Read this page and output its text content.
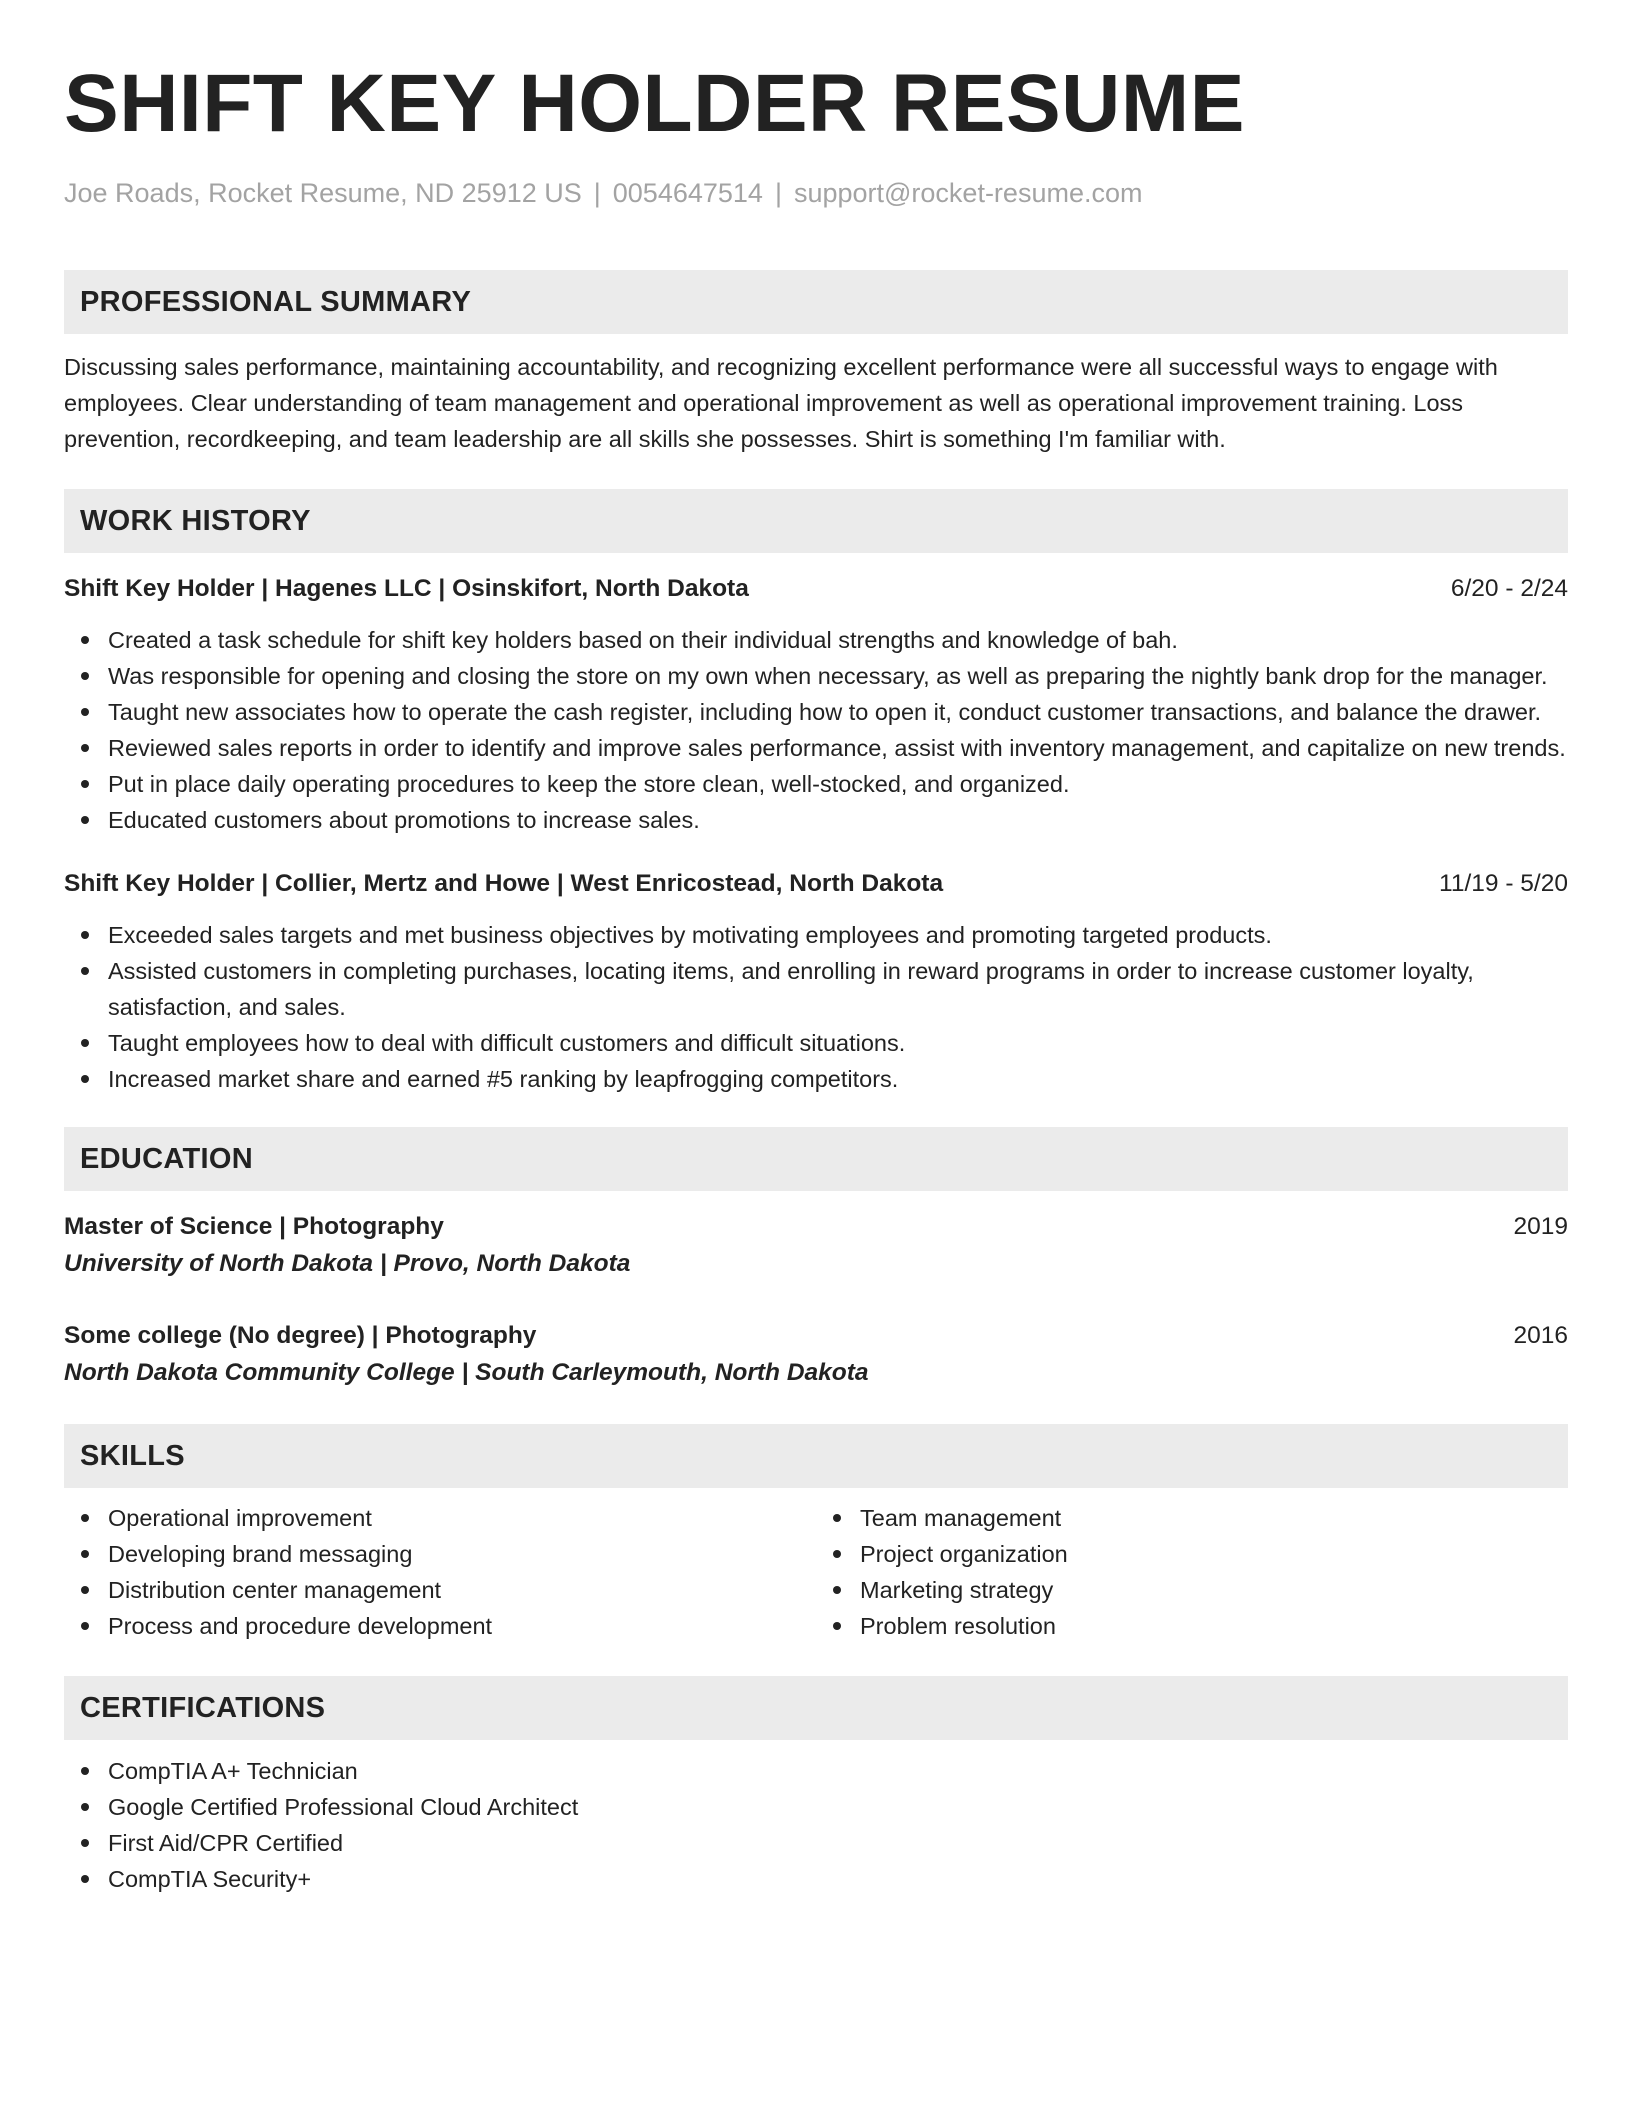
SHIFT KEY HOLDER RESUME
Joe Roads, Rocket Resume, ND 25912 US | 0054647514 | support@rocket-resume.com
PROFESSIONAL SUMMARY
Discussing sales performance, maintaining accountability, and recognizing excellent performance were all successful ways to engage with employees. Clear understanding of team management and operational improvement as well as operational improvement training. Loss prevention, recordkeeping, and team leadership are all skills she possesses. Shirt is something I'm familiar with.
WORK HISTORY
Shift Key Holder | Hagenes LLC | Osinskifort, North Dakota	6/20 - 2/24
Created a task schedule for shift key holders based on their individual strengths and knowledge of bah.
Was responsible for opening and closing the store on my own when necessary, as well as preparing the nightly bank drop for the manager.
Taught new associates how to operate the cash register, including how to open it, conduct customer transactions, and balance the drawer.
Reviewed sales reports in order to identify and improve sales performance, assist with inventory management, and capitalize on new trends.
Put in place daily operating procedures to keep the store clean, well-stocked, and organized.
Educated customers about promotions to increase sales.
Shift Key Holder | Collier, Mertz and Howe | West Enricostead, North Dakota	11/19 - 5/20
Exceeded sales targets and met business objectives by motivating employees and promoting targeted products.
Assisted customers in completing purchases, locating items, and enrolling in reward programs in order to increase customer loyalty, satisfaction, and sales.
Taught employees how to deal with difficult customers and difficult situations.
Increased market share and earned #5 ranking by leapfrogging competitors.
EDUCATION
Master of Science | Photography	2019
University of North Dakota | Provo, North Dakota
Some college (No degree) | Photography	2016
North Dakota Community College | South Carleymouth, North Dakota
SKILLS
Operational improvement
Developing brand messaging
Distribution center management
Process and procedure development
Team management
Project organization
Marketing strategy
Problem resolution
CERTIFICATIONS
CompTIA A+ Technician
Google Certified Professional Cloud Architect
First Aid/CPR Certified
CompTIA Security+
